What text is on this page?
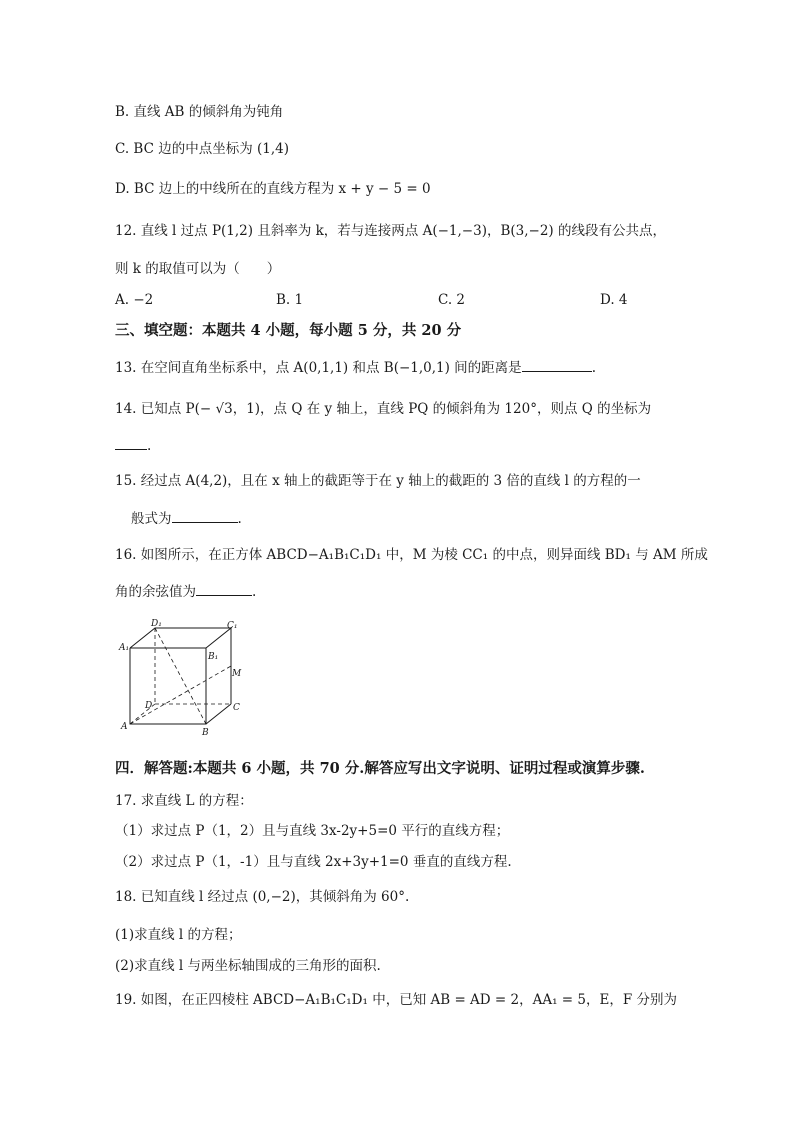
B. 直线 AB 的倾斜角为钝角
C. BC 边的中点坐标为 (1,4)
D. BC 边上的中线所在的直线方程为 x + y − 5 = 0
12. 直线 l 过点 P(1,2) 且斜率为 k，若与连接两点 A(−1,−3)，B(3,−2) 的线段有公共点，
则 k 的取值可以为（　　）
A. −2	B. 1	C. 2	D. 4
三、填空题：本题共 4 小题，每小题 5 分，共 20 分
13. 在空间直角坐标系中，点 A(0,1,1) 和点 B(−1,0,1) 间的距离是	.
14. 已知点 P(− √3，1)，点 Q 在 y 轴上，直线 PQ 的倾斜角为 120°，则点 Q 的坐标为
.
15. 经过点 A(4,2)，且在 x 轴上的截距等于在 y 轴上的截距的 3 倍的直线 l 的方程的一
般式为	.
16. 如图所示，在正方体 ABCD−A₁B₁C₁D₁ 中，M 为棱 CC₁ 的中点，则异面线 BD₁ 与 AM 所成
角的余弦值为	.
D₁	C₁
A₁
B₁
M
D	C
A
B
四．解答题:本题共 6 小题，共 70 分.解答应写出文字说明、证明过程或演算步骤.
17. 求直线 L 的方程：
（1）求过点 P（1，2）且与直线 3x-2y+5=0 平行的直线方程；
（2）求过点 P（1，-1）且与直线 2x+3y+1=0 垂直的直线方程.
18. 已知直线 l 经过点 (0,−2)，其倾斜角为 60°.
(1)求直线 l 的方程；
(2)求直线 l 与两坐标轴围成的三角形的面积.
19. 如图，在正四棱柱 ABCD−A₁B₁C₁D₁ 中，已知 AB = AD = 2，AA₁ = 5，E，F 分别为
